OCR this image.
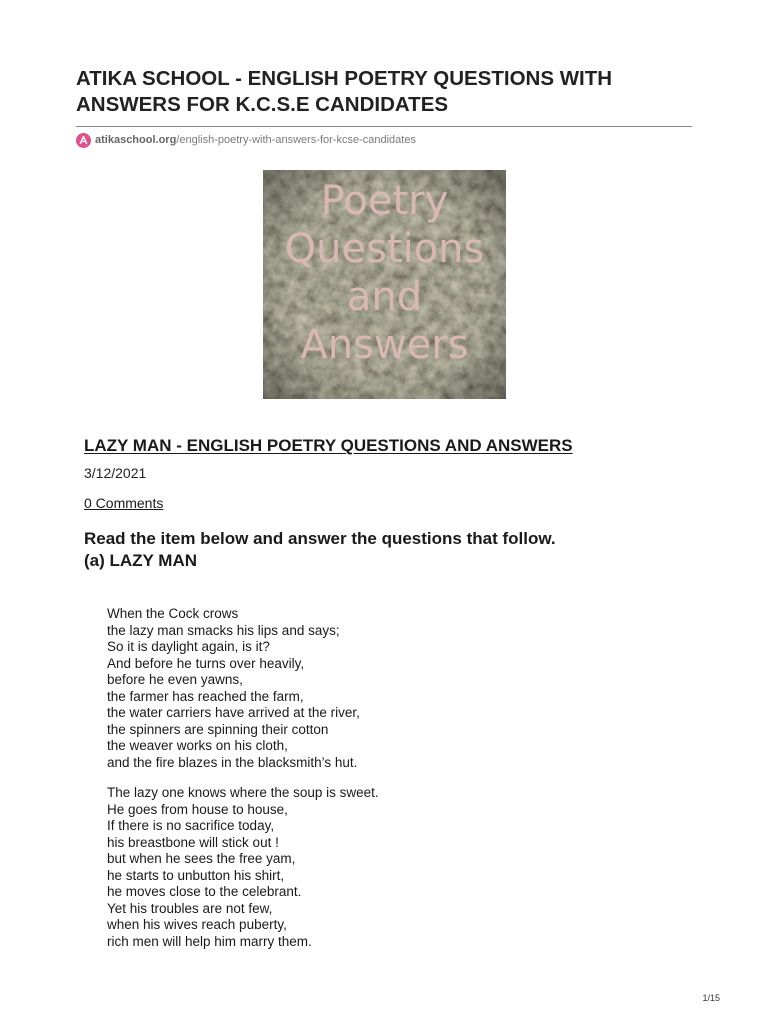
ATIKA SCHOOL - ENGLISH POETRY QUESTIONS WITH ANSWERS FOR K.C.S.E CANDIDATES
atikaschool.org /english-poetry-with-answers-for-kcse-candidates
Poetry
Questions
and
Answers
LAZY MAN - ENGLISH POETRY QUESTIONS AND ANSWERS
3/12/2021
0 Comments
Read the item below and answer the questions that follow.
(a) LAZY MAN
When the Cock crows
the lazy man smacks his lips and says;
So it is daylight again, is it?
And before he turns over heavily,
before he even yawns,
the farmer has reached the farm,
the water carriers have arrived at the river,
the spinners are spinning their cotton
the weaver works on his cloth,
and the fire blazes in the blacksmith’s hut.
The lazy one knows where the soup is sweet.
He goes from house to house,
If there is no sacrifice today,
his breastbone will stick out !
but when he sees the free yam,
he starts to unbutton his shirt,
he moves close to the celebrant.
Yet his troubles are not few,
when his wives reach puberty,
rich men will help him marry them.
1/15
